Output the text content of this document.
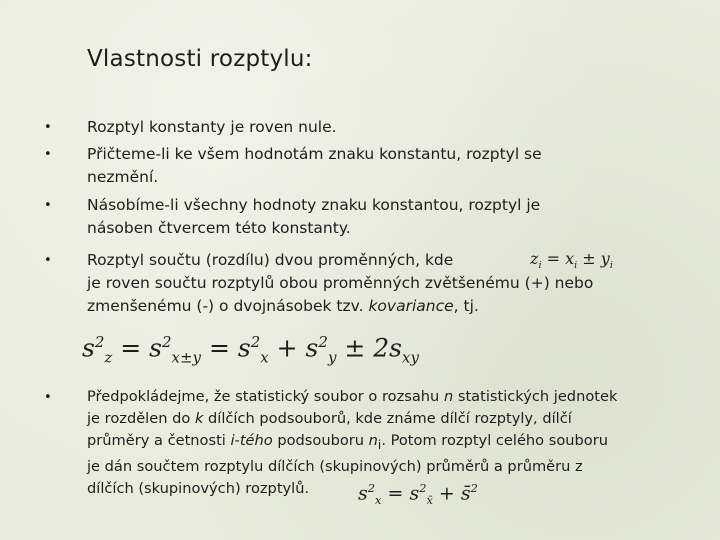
Vlastnosti rozptylu:
• Rozptyl konstanty je roven nule.
• Přičteme-li ke všem hodnotám znaku konstantu, rozptyl se
nezmění.
• Násobíme-li všechny hodnoty znaku konstantou, rozptyl je
násoben čtvercem této konstanty.
• Rozptyl součtu (rozdílu) dvou proměnných, kde
je roven součtu rozptylů obou proměnných zvětšenému (+) nebo
zmenšenému (-) o dvojnásobek tzv. kovariance, tj.
• Předpokládejme, že statistický soubor o rozsahu n statistických jednotek
je rozdělen do k dílčích podsouborů, kde známe dílčí rozptyly, dílčí
průměry a četnosti i-tého podsouboru $n_i$. Potom rozptyl celého souboru
je dán součtem rozptylu dílčích (skupinových) průměrů a průměru z
dílčích (skupinových) rozptylů.
$z_i = x_i \pm y_i$
$s^2_z = s^2_{x\pm y} = s^2_x + s^2_y \pm 2s_{xy}$
$s^2_x = s^2_{x̄}$ + s̄$^2$
